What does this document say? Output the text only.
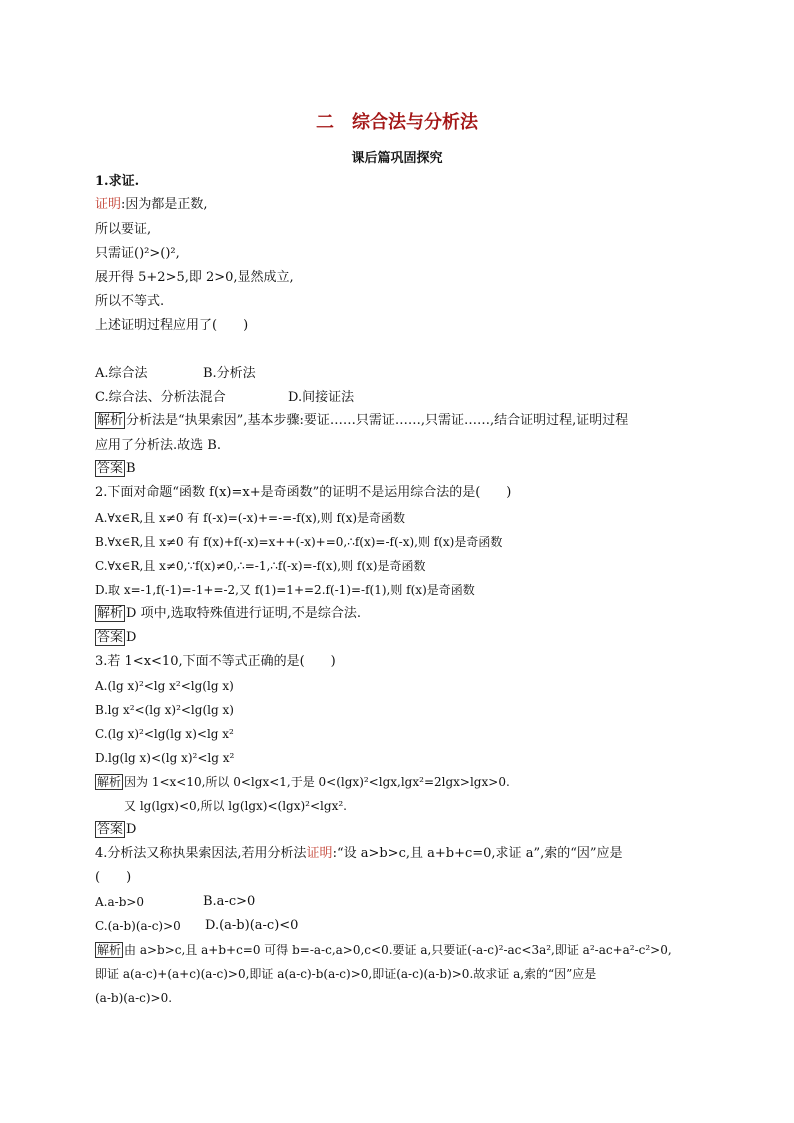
二 综合法与分析法
课后篇巩固探究
1.求证.
证明:因为都是正数,
所以要证,
只需证()²>()²,
展开得 5+2>5,即 2>0,显然成立,
所以不等式.
上述证明过程应用了(　　)
A.综合法	B.分析法
C.综合法、分析法混合	D.间接证法
解析 分析法是“执果索因”,基本步骤:要证……只需证……,只需证……,结合证明过程,证明过程
应用了分析法.故选 B.
答案 B
2.下面对命题“函数 f(x)=x+是奇函数”的证明不是运用综合法的是(　　)
A.∀x∈R,且 x≠0 有 f(-x)=(-x)+=-=-f(x),则 f(x)是奇函数
B.∀x∈R,且 x≠0 有 f(x)+f(-x)=x++(-x)+=0,∴f(x)=-f(-x),则 f(x)是奇函数
C.∀x∈R,且 x≠0,∵f(x)≠0,∴=-1,∴f(-x)=-f(x),则 f(x)是奇函数
D.取 x=-1,f(-1)=-1+=-2,又 f(1)=1+=2.f(-1)=-f(1),则 f(x)是奇函数
解析 D 项中,选取特殊值进行证明,不是综合法.
答案 D
3.若 1<x<10,下面不等式正确的是(　　)
A.(lg x)²<lg x²<lg(lg x)
B.lg x²<(lg x)²<lg(lg x)
C.(lg x)²<lg(lg x)<lg x²
D.lg(lg x)<(lg x)²<lg x²
解析 因为 1<x<10,所以 0<lgx<1,于是 0<(lgx)²<lgx,lgx²=2lgx>lgx>0.
又 lg(lgx)<0,所以 lg(lgx)<(lgx)²<lgx².
答案 D
4.分析法又称执果索因法,若用分析法证明:“设 a>b>c,且 a+b+c=0,求证 a”,索的“因”应是
(　　)
A.a-b>0	B.a-c>0
C.(a-b)(a-c)>0 D.(a-b)(a-c)<0
解析 由 a>b>c,且 a+b+c=0 可得 b=-a-c,a>0,c<0.要证 a,只要证(-a-c)²-ac<3a²,即证 a²-ac+a²-c²>0,
即证 a(a-c)+(a+c)(a-c)>0,即证 a(a-c)-b(a-c)>0,即证(a-c)(a-b)>0.故求证 a,索的“因”应是
(a-b)(a-c)>0.
